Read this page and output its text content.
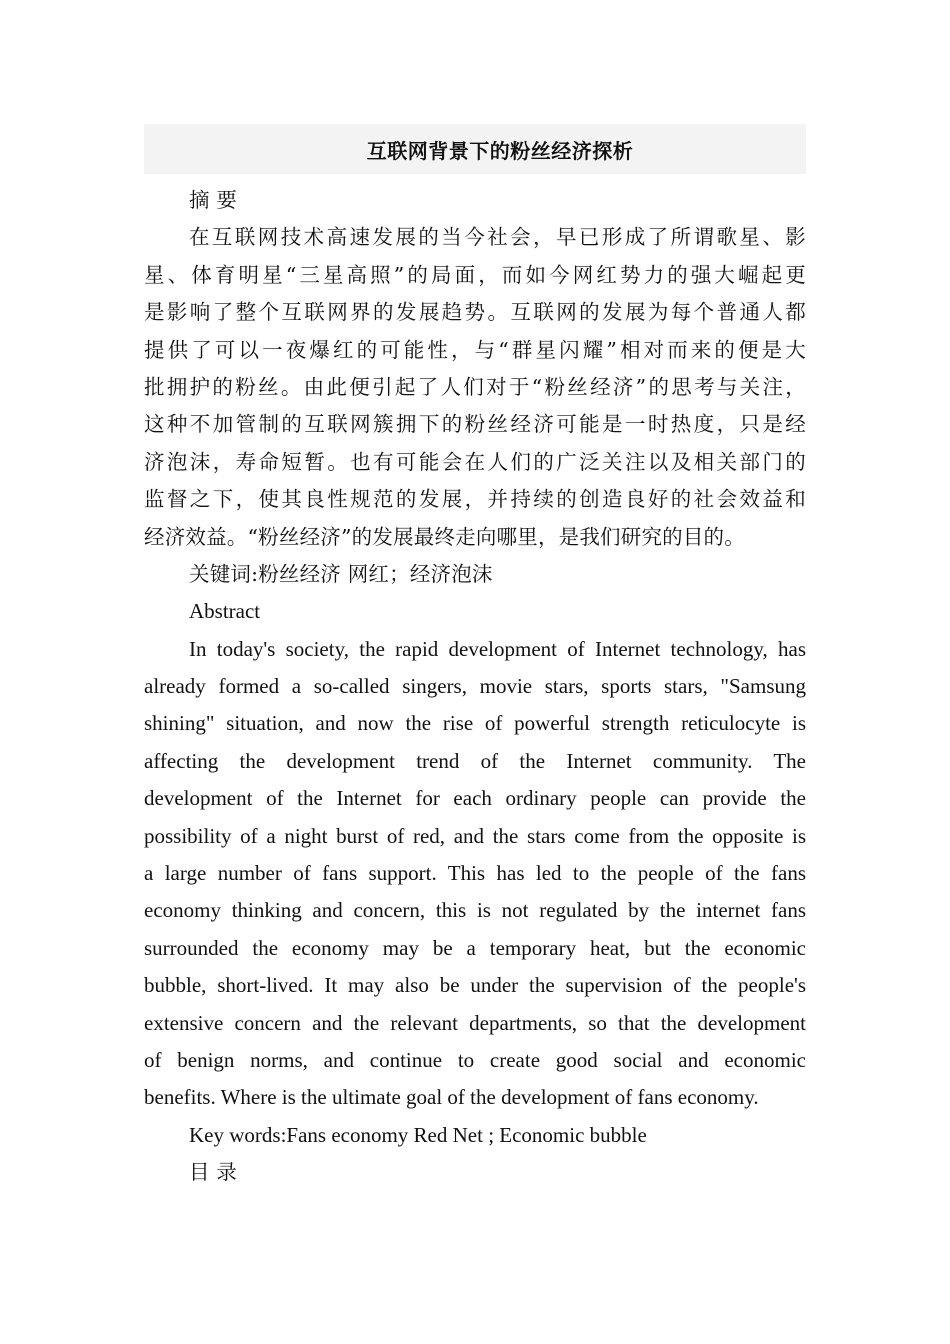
互联网背景下的粉丝经济探析
摘 要
在互联网技术高速发展的当今社会，早已形成了所谓歌星、影
星、体育明星“三星高照”的局面，而如今网红势力的强大崛起更
是影响了整个互联网界的发展趋势。互联网的发展为每个普通人都
提供了可以一夜爆红的可能性，与“群星闪耀”相对而来的便是大
批拥护的粉丝。由此便引起了人们对于“粉丝经济”的思考与关注，
这种不加管制的互联网簇拥下的粉丝经济可能是一时热度，只是经
济泡沫，寿命短暂。也有可能会在人们的广泛关注以及相关部门的
监督之下，使其良性规范的发展，并持续的创造良好的社会效益和
经济效益。“粉丝经济”的发展最终走向哪里，是我们研究的目的。
关键词:粉丝经济 网红；经济泡沫
Abstract
In today's society, the rapid development of Internet technology, has
already formed a so-called singers, movie stars, sports stars, "Samsung
shining" situation, and now the rise of powerful strength reticulocyte is
affecting the development trend of the Internet community. The
development of the Internet for each ordinary people can provide the
possibility of a night burst of red, and the stars come from the opposite is
a large number of fans support. This has led to the people of the fans
economy thinking and concern, this is not regulated by the internet fans
surrounded the economy may be a temporary heat, but the economic
bubble, short-lived. It may also be under the supervision of the people's
extensive concern and the relevant departments, so that the development
of benign norms, and continue to create good social and economic
benefits. Where is the ultimate goal of the development of fans economy.
Key words:Fans economy Red Net ; Economic bubble
目 录
